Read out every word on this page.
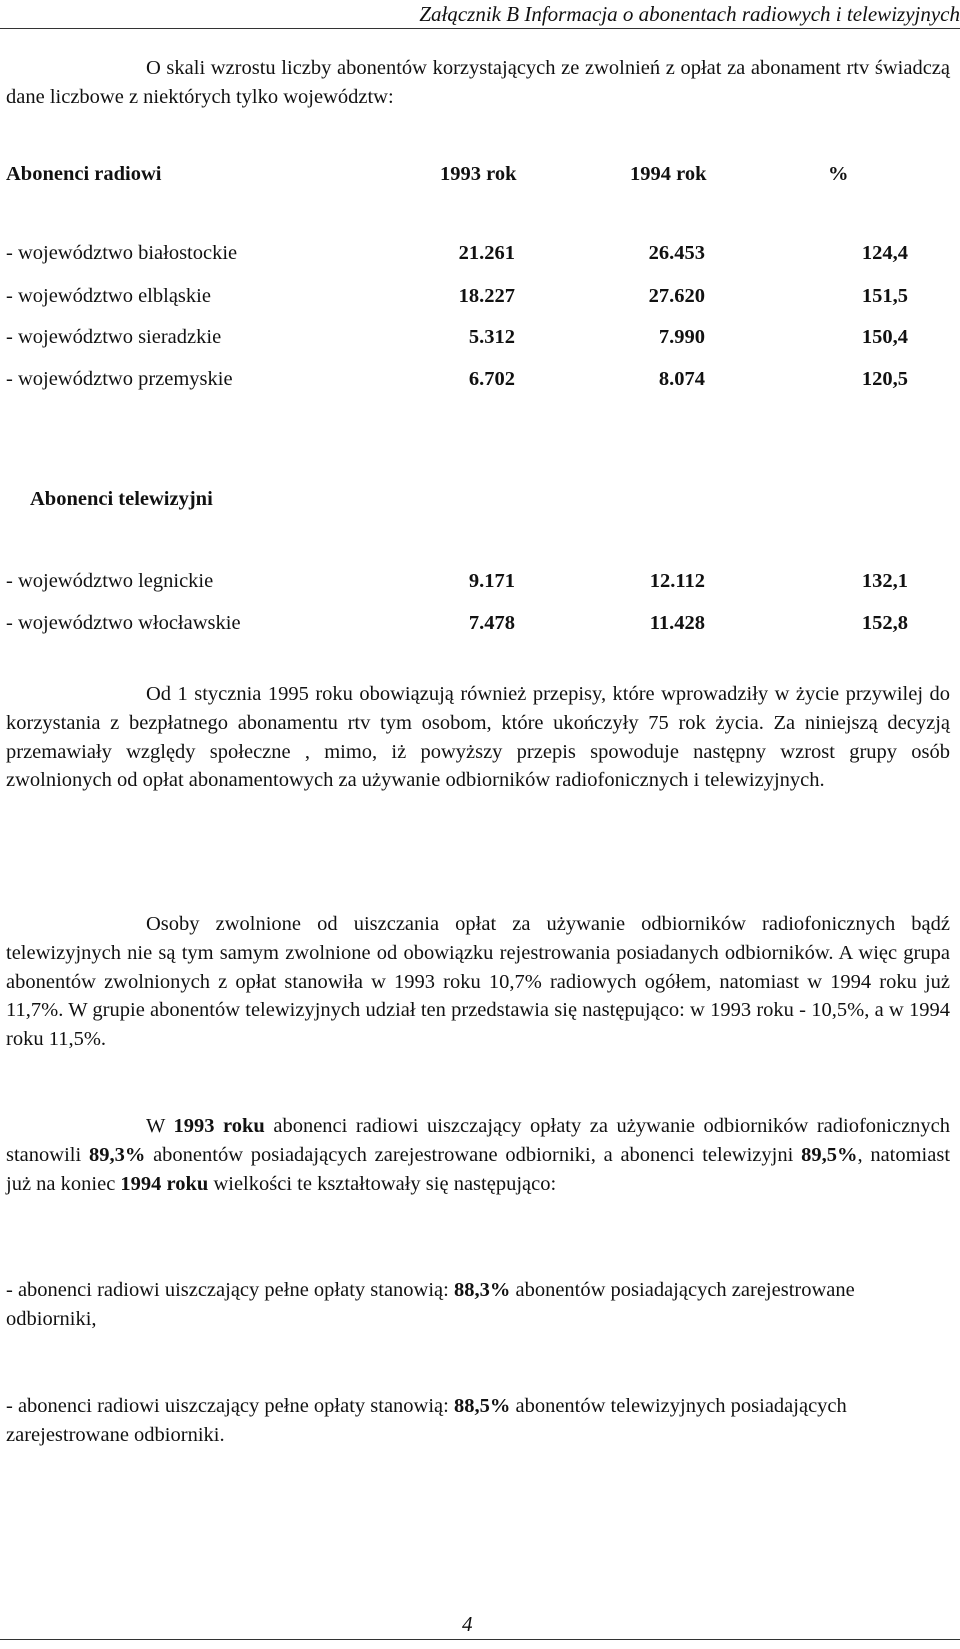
Załącznik B Informacja o abonentach radiowych i telewizyjnych
O skali wzrostu liczby abonentów korzystających ze zwolnień z opłat za abonament rtv świadczą dane liczbowe z niektórych tylko województw:
Abonenci radiowi	1993 rok	1994 rok	%
- województwo białostockie	21.261	26.453	124,4
- województwo elbląskie	18.227	27.620	151,5
- województwo sieradzkie	5.312	7.990	150,4
- województwo przemyskie	6.702	8.074	120,5
Abonenci telewizyjni
- województwo legnickie	9.171	12.112	132,1
- województwo włocławskie	7.478	11.428	152,8
Od 1 stycznia 1995 roku obowiązują również przepisy, które wprowadziły w życie przywilej do korzystania z bezpłatnego abonamentu rtv tym osobom, które ukończyły 75 rok życia. Za niniejszą decyzją przemawiały względy społeczne , mimo, iż powyższy przepis spowoduje następny wzrost grupy osób zwolnionych od opłat abonamentowych za używanie odbiorników radiofonicznych i telewizyjnych.
Osoby zwolnione od uiszczania opłat za używanie odbiorników radiofonicznych bądź telewizyjnych nie są tym samym zwolnione od obowiązku rejestrowania posiadanych odbiorników. A więc grupa abonentów zwolnionych z opłat stanowiła w 1993 roku 10,7% radiowych ogółem, natomiast w 1994 roku już 11,7%. W grupie abonentów telewizyjnych udział ten przedstawia się następująco: w 1993 roku - 10,5%, a w 1994 roku 11,5%.
W 1993 roku abonenci radiowi uiszczający opłaty za używanie odbiorników radiofonicznych stanowili 89,3% abonentów posiadających zarejestrowane odbiorniki, a abonenci telewizyjni 89,5%, natomiast już na koniec 1994 roku wielkości te kształtowały się następująco:
- abonenci radiowi uiszczający pełne opłaty stanowią: 88,3% abonentów posiadających zarejestrowane odbiorniki,
- abonenci radiowi uiszczający pełne opłaty stanowią: 88,5% abonentów telewizyjnych posiadających zarejestrowane odbiorniki.
4
